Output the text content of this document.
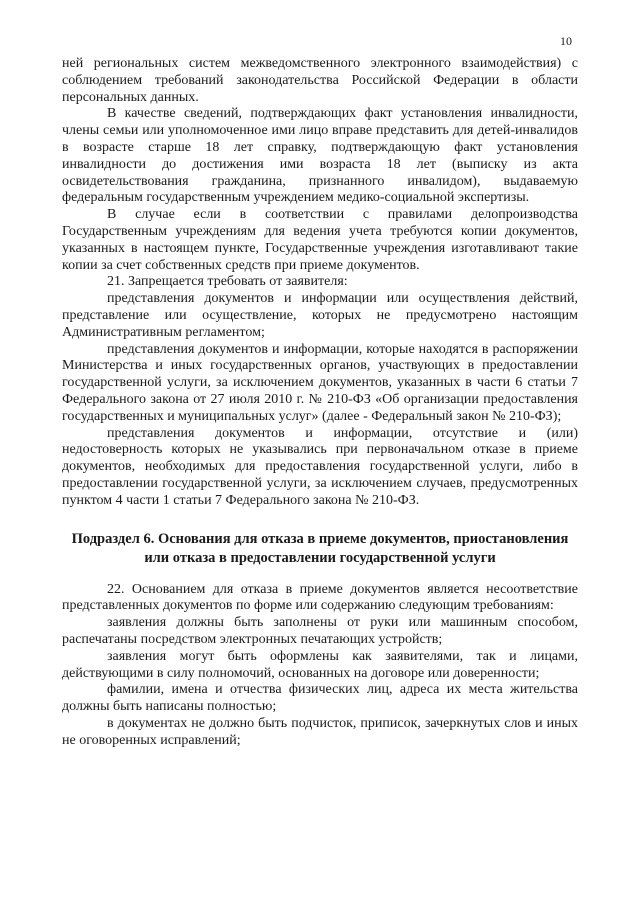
10

ней региональных систем межведомственного электронного взаимодействия) с соблюдением требований законодательства Российской Федерации в области персональных данных.

В качестве сведений, подтверждающих факт установления инвалидности, члены семьи или уполномоченное ими лицо вправе представить для детей-инвалидов в возрасте старше 18 лет справку, подтверждающую факт установления инвалидности до достижения ими возраста 18 лет (выписку из акта освидетельствования гражданина, признанного инвалидом), выдаваемую федеральным государственным учреждением медико-социальной экспертизы.

В случае если в соответствии с правилами делопроизводства Государственным учреждениям для ведения учета требуются копии документов, указанных в настоящем пункте, Государственные учреждения изготавливают такие копии за счет собственных средств при приеме документов.

21. Запрещается требовать от заявителя:

представления документов и информации или осуществления действий, представление или осуществление, которых не предусмотрено настоящим Административным регламентом;

представления документов и информации, которые находятся в распоряжении Министерства и иных государственных органов, участвующих в предоставлении государственной услуги, за исключением документов, указанных в части 6 статьи 7 Федерального закона от 27 июля 2010 г. № 210-ФЗ «Об организации предоставления государственных и муниципальных услуг» (далее - Федеральный закон № 210-ФЗ);

представления документов и информации, отсутствие и (или) недостоверность которых не указывались при первоначальном отказе в приеме документов, необходимых для предоставления государственной услуги, либо в предоставлении государственной услуги, за исключением случаев, предусмотренных пунктом 4 части 1 статьи 7 Федерального закона № 210-ФЗ.

Подраздел 6. Основания для отказа в приеме документов, приостановления или отказа в предоставлении государственной услуги

22. Основанием для отказа в приеме документов является несоответствие представленных документов по форме или содержанию следующим требованиям:

заявления должны быть заполнены от руки или машинным способом, распечатаны посредством электронных печатающих устройств;

заявления могут быть оформлены как заявителями, так и лицами, действующими в силу полномочий, основанных на договоре или доверенности;

фамилии, имена и отчества физических лиц, адреса их места жительства должны быть написаны полностью;

в документах не должно быть подчисток, приписок, зачеркнутых слов и иных не оговоренных исправлений;
